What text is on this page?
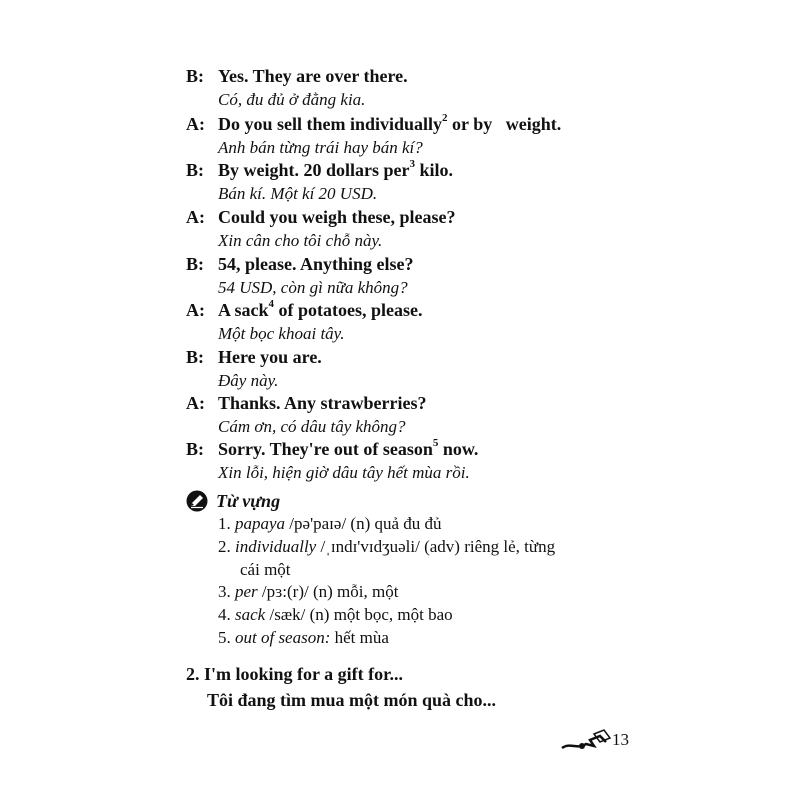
B: Yes. They are over there.
Có, đu đủ ở đằng kia.
A: Do you sell them individually$^2$ or by   weight.
Anh bán từng trái hay bán kí?
B: By weight. 20 dollars per$^3$ kilo.
Bán kí. Một kí 20 USD.
A: Could you weigh these, please?
Xin cân cho tôi chỗ này.
B: 54, please. Anything else?
54 USD, còn gì nữa không?
A: A sack$^4$ of potatoes, please.
Một bọc khoai tây.
B: Here you are.
Đây này.
A: Thanks. Any strawberries?
Cám ơn, có dâu tây không?
B: Sorry. They're out of season$^5$ now.
Xin lỗi, hiện giờ dâu tây hết mùa rồi.
Từ vựng
1. papaya /pə'paɪə/ (n) quả đu đủ
2. individually /ˌɪndɪ'vɪdʒuəli/ (adv) riêng lẻ, từng
cái một
3. per /pɜ:(r)/ (n) mỗi, một
4. sack /sæk/ (n) một bọc, một bao
5. out of season: hết mùa
2. I'm looking for a gift for...
Tôi đang tìm mua một món quà cho...
13
